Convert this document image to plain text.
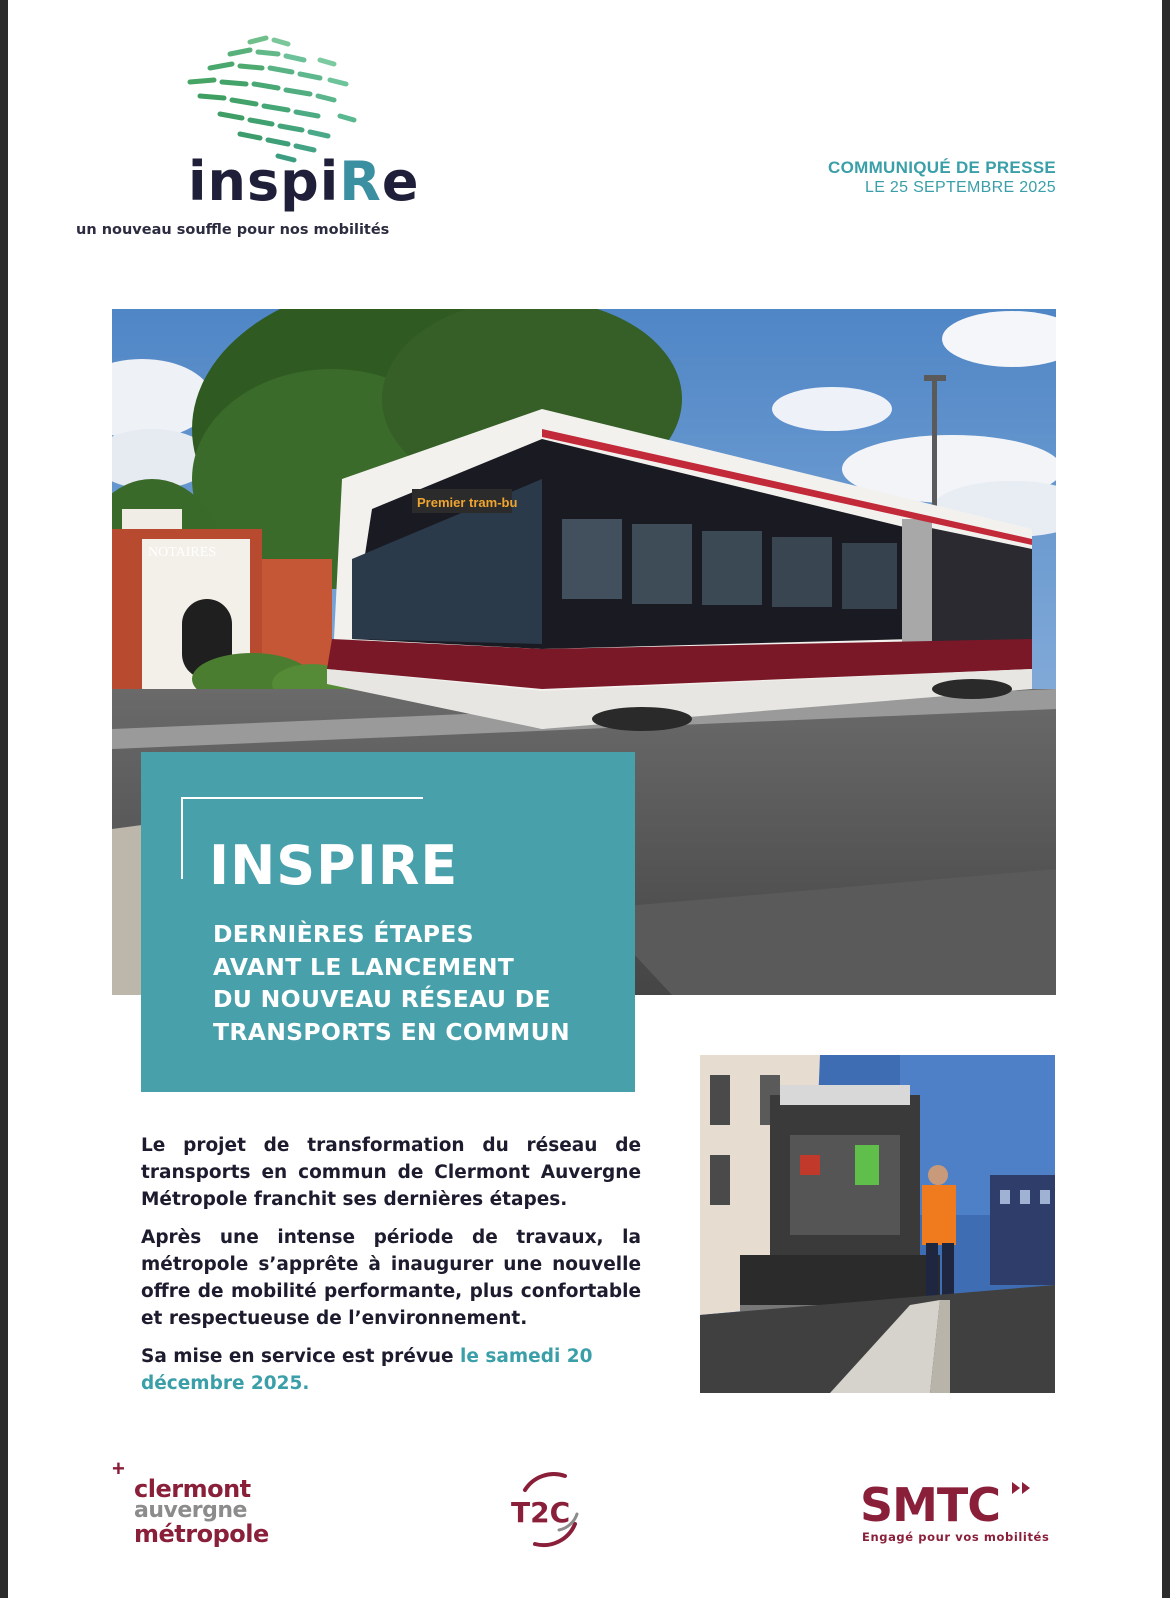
inspiRe
un nouveau souffle pour nos mobilités
COMMUNIQUÉ DE PRESSE
LE 25 SEPTEMBRE 2025
NOTAIRES
Premier tram-bu
INSPIRE
DERNIÈRES ÉTAPES
AVANT LE LANCEMENT
DU NOUVEAU RÉSEAU DE
TRANSPORTS EN COMMUN

Le projet de transformation du réseau de transports en commun de Clermont Auvergne Métropole franchit ses dernières étapes.

Après une intense période de travaux, la métropole s’apprête à inaugurer une nouvelle offre de mobilité performante, plus confortable et respectueuse de l’environnement.

Sa mise en service est prévue le samedi 20 décembre 2025.

+
clermont
auvergne
métropole
T2C	SMTC
Engagé pour vos mobilités
